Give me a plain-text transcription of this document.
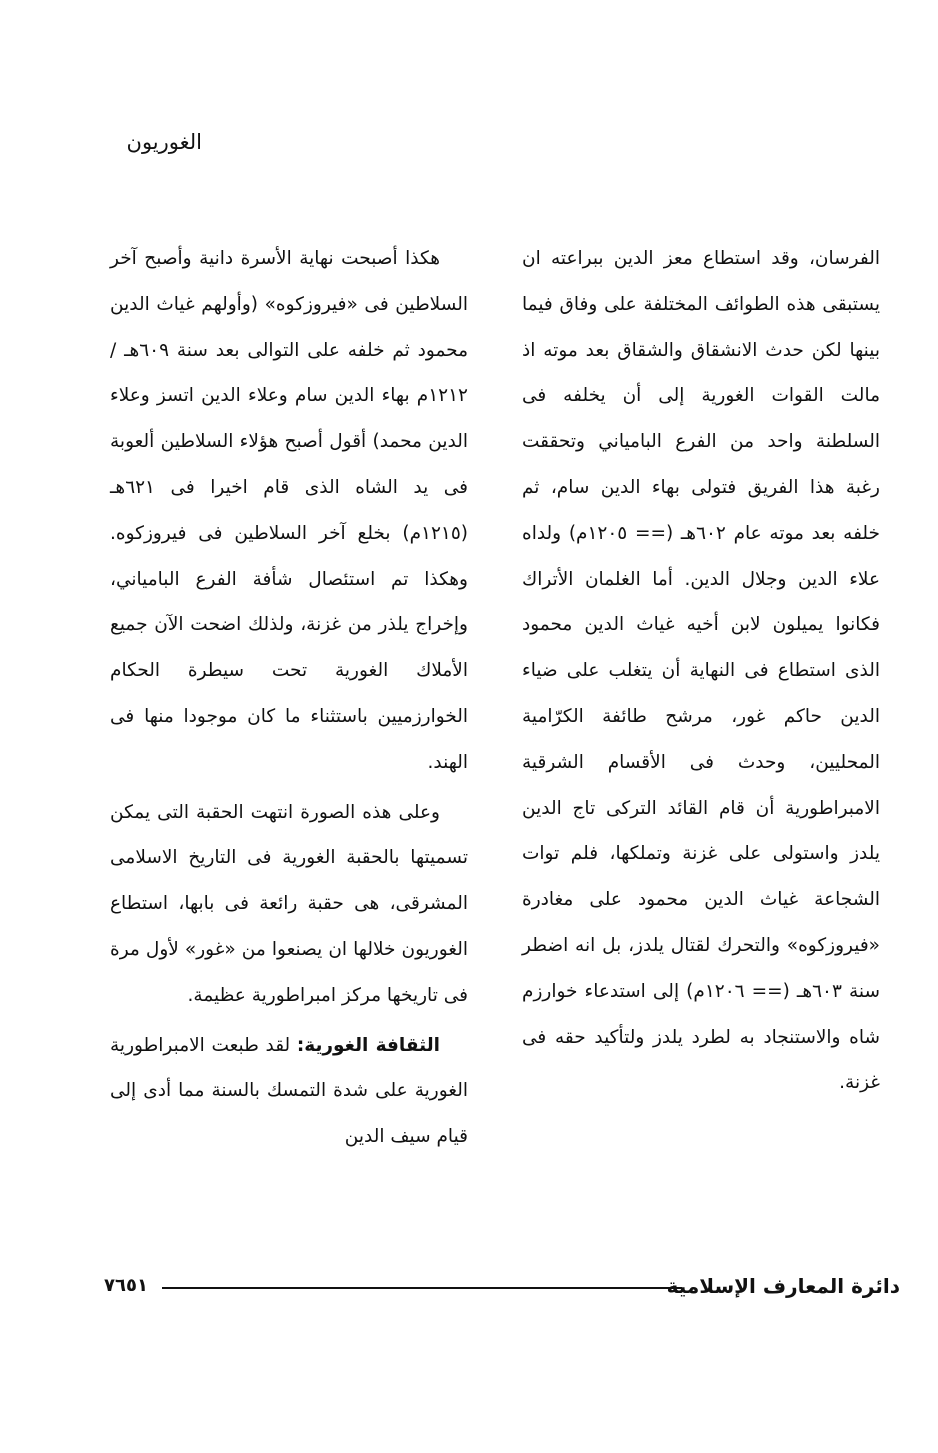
الغوريون

الفرسان، وقد استطاع معز الدين ببراعته ان يستبقى هذه الطوائف المختلفة على وفاق فيما بينها لكن حدث الانشقاق والشقاق بعد موته اذ مالت القوات الغورية إلى أن يخلفه فى السلطنة واحد من الفرع البامياني وتحققت رغبة هذا الفريق فتولى بهاء الدين سام، ثم خلفه بعد موته عام ٦٠٢هـ (== ١٢٠٥م) ولداه علاء الدين وجلال الدين. أما الغلمان الأتراك فكانوا يميلون لابن أخيه غياث الدين محمود الذى استطاع فى النهاية أن يتغلب على ضياء الدين حاكم غور، مرشح طائفة الكرّامية المحليين، وحدث فى الأقسام الشرقية الامبراطورية أن قام القائد التركى تاج الدين يلدز واستولى على غزنة وتملكها، فلم توات الشجاعة غياث الدين محمود على مغادرة «فيروزكوه» والتحرك لقتال يلدز، بل انه اضطر سنة ٦٠٣هـ (== ١٢٠٦م) إلى استدعاء خوارزم شاه والاستنجاد به لطرد يلدز ولتأكيد حقه فى غزنة.

هكذا أصبحت نهاية الأسرة دانية وأصبح آخر السلاطين فى «فيروزكوه» (وأولهم غياث الدين محمود ثم خلفه على التوالى بعد سنة ٦٠٩هـ / ١٢١٢م بهاء الدين سام وعلاء الدين اتسز وعلاء الدين محمد) أقول أصبح هؤلاء السلاطين ألعوبة فى يد الشاه الذى قام اخيرا فى ٦٢١هـ (١٢١٥م) بخلع آخر السلاطين فى فيروزكوه. وهكذا تم استئصال شأفة الفرع البامياني، وإخراج يلذر من غزنة، ولذلك اضحت الآن جميع الأملاك الغورية تحت سيطرة الحكام الخوارزميين باستثناء ما كان موجودا منها فى الهند.

وعلى هذه الصورة انتهت الحقبة التى يمكن تسميتها بالحقبة الغورية فى التاريخ الاسلامى المشرقى، هى حقبة رائعة فى بابها، استطاع الغوريون خلالها ان يصنعوا من «غور» لأول مرة فى تاريخها مركز امبراطورية عظيمة.

الثقافة الغورية: لقد طبعت الامبراطورية الغورية على شدة التمسك بالسنة مما أدى إلى قيام سيف الدين

دائرة المعارف الإسلامية
٧٦٥١
